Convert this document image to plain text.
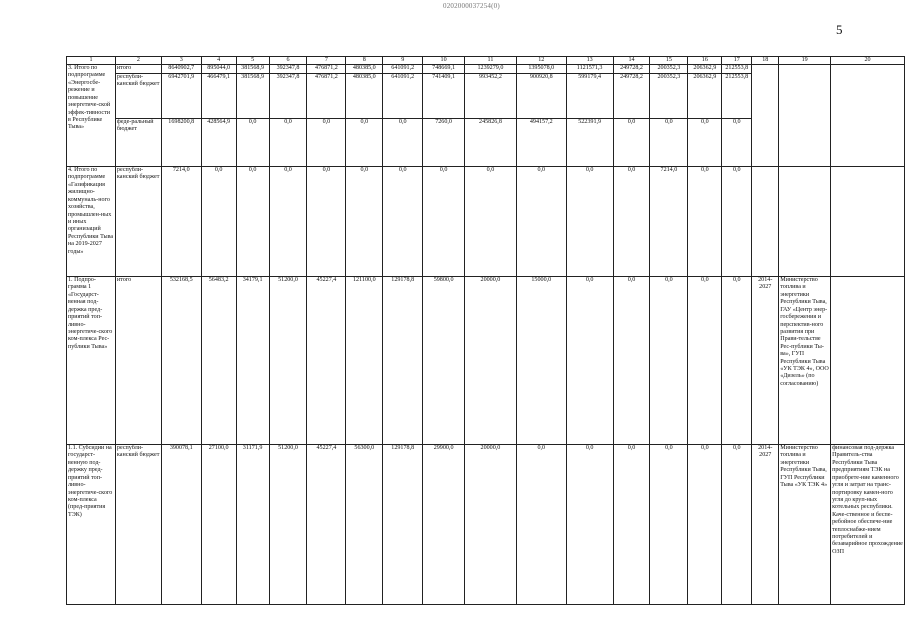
0202000037254(0)
5
1	2	3	4	5	6	7	8	9	10	11	12	13	14	15	16	17	18	19	20
3. Итого по подпрограмме «Энергосбе-режение и повышение энергетиче-ской эффек-тивности в Республике Тыва»	итого	8640902,7	895044,0	381568,9	392347,8	476871,2	480385,0	641091,2	748669,1	1239279,0	1395078,0	1121571,3	249728,2	200352,3	206362,9	212553,8			
	республи-канский бюджет	6942701,9	466479,1	381568,9	392347,8	476871,2	480385,0	641091,2	741409,1	993452,2	900920,8	599179,4	249728,2	200352,3	206362,9	212553,8			
	феде-ральный бюджет	1698200,8	428564,9	0,0	0,0	0,0	0,0	0,0	7260,0	245826,8	494157,2	522391,9	0,0	0,0	0,0	0,0			
4. Итого по подпрограмме «Газификация жилищно-коммуналь-ного хозяйства, промышлен-ных и иных организаций Республики Тыва на 2019-2027 годы»	республи-канский бюджет	7214,0	0,0	0,0	0,0	0,0	0,0	0,0	0,0	0,0	0,0	0,0	0,0	7214,0	0,0	0,0			
1. Подпро-грамма 1 «Государст-венная под-держка пред-приятий топ-ливно-энергетиче-ского ком-плекса Рес-публики Тыва»	итого	532168,5	56483,2	34179,1	51200,0	45227,4	121100,0	129178,8	59800,0	20000,0	15000,0	0,0	0,0	0,0	0,0	0,0	2014-2027	Министерство топлива и энергетики Республики Тыва, ГАУ «Центр энер-госбережения и перспектив-ного развития при Прави-тельстве Рес-публики Ты-ва», ГУП Республики Тыва «УК ТЭК 4», ООО «Дизель» (по согласованию)	
1.1. Субсидии на государст-венную под-держку пред-приятий топ-ливно-энергетиче-ского ком-плекса (пред-приятия ТЭК)	республи-канский бюджет	390078,1	27100,0	31171,9	51200,0	45227,4	56300,0	129178,8	29900,0	20000,0	0,0	0,0	0,0	0,0	0,0	0,0	2014-2027	Министерство топлива и энергетики Республики Тыва, ГУП Республики Тыва «УК ТЭК 4»	финансовая под-держка Правитель-ства Республики Тыва предприятиям ТЭК на приобрете-ние каменного угля и затрат на транс-портировку камен-ного угля до круп-ных котельных республики. Каче-ственное и беспе-ребойное обеспече-ние теплоснабже-нием потребителей и безаварийное прохождение ОЗП
